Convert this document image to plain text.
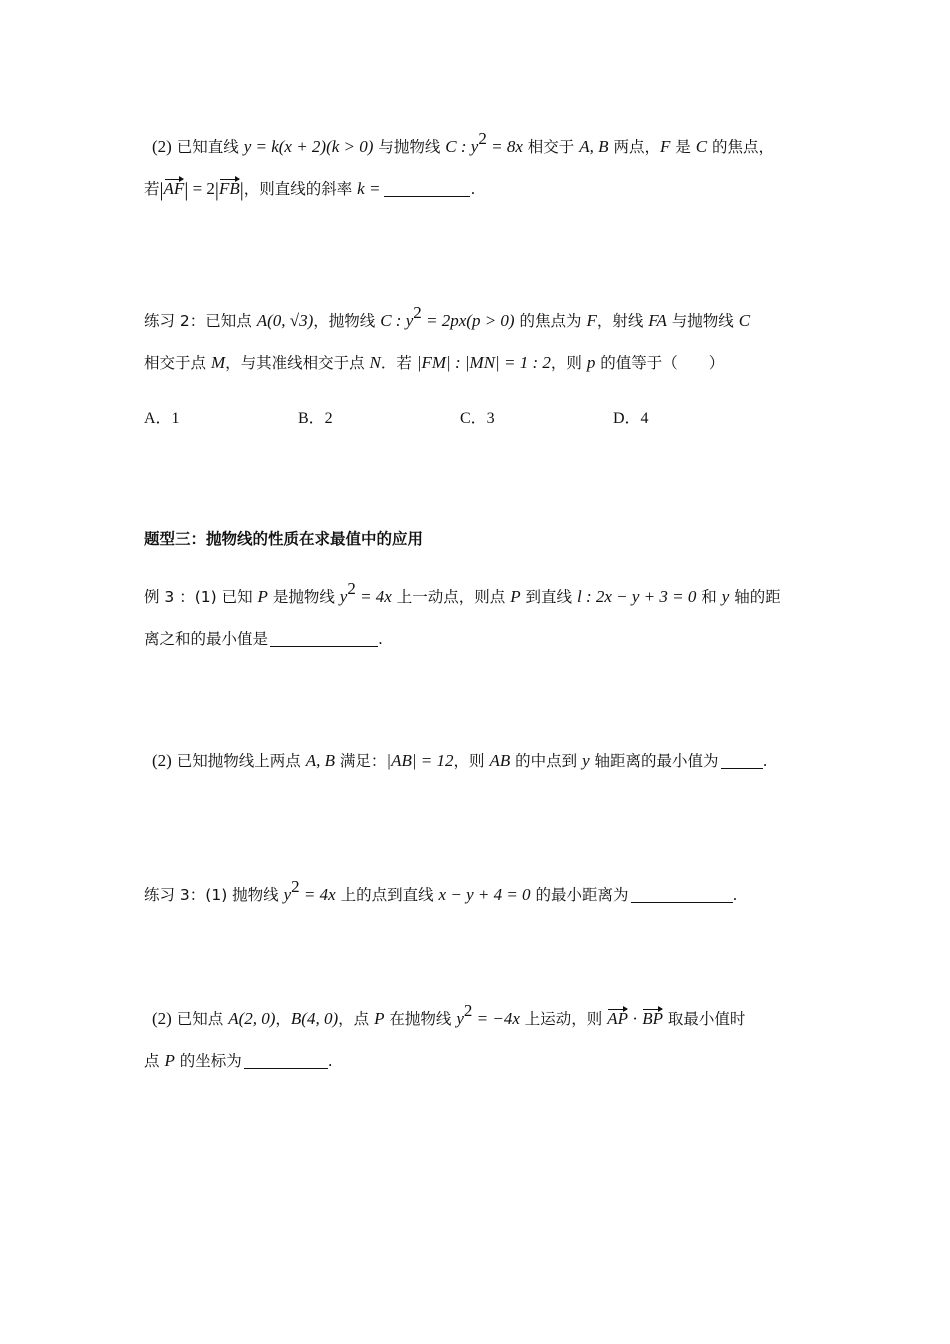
(2) 已知直线 y = k(x + 2)(k > 0) 与抛物线 C : $y^2 = 8x$ 相交于 A, B 两点，F 是 C 的焦点，
若|AF| = 2|FB|，则直线的斜率 k =	.
练习 2：已知点 A(0, √3)，抛物线 C : $y^2 = 2px(p > 0)$ 的焦点为 F，射线 FA 与抛物线 C
相交于点 M，与其准线相交于点 N．若 |FM| : |MN| = 1 : 2，则 p 的值等于（　　）
A．1	B．2	C．3	D．4
题型三：抛物线的性质在求最值中的应用
例 3 ：(1) 已知 P 是抛物线 $y^2 = 4x$ 上一动点，则点 P 到直线 l : 2x − y + 3 = 0 和 y 轴的距
离之和的最小值是	.
(2) 已知抛物线上两点 A, B 满足：|AB| = 12，则 AB 的中点到 y 轴距离的最小值为	.
练习 3：(1) 抛物线 $y^2 = 4x$ 上的点到直线 x − y + 4 = 0 的最小距离为	.
(2) 已知点 A(2, 0)，B(4, 0)，点 P 在抛物线 $y^2 = -4x$ 上运动，则 AP · BP 取最小值时
点 P 的坐标为	.
